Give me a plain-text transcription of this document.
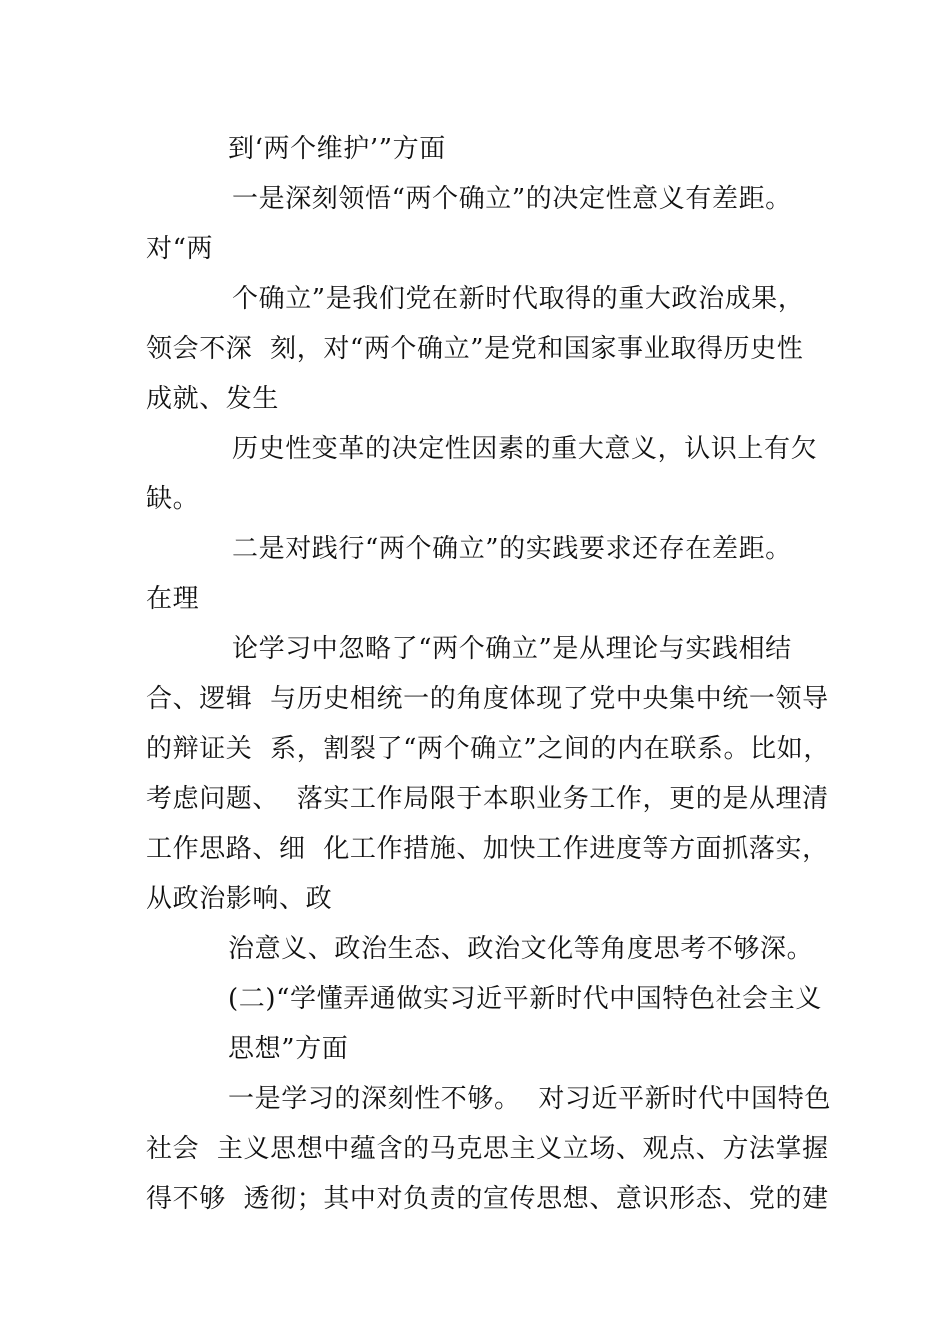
到‘两个维护’”方面
一是深刻领悟“两个确立”的决定性意义有差距。
对“两
个确立”是我们党在新时代取得的重大政治成果，
领会不深  刻，对“两个确立”是党和国家事业取得历史性
成就、发生
历史性变革的决定性因素的重大意义，认识上有欠
缺。
二是对践行“两个确立”的实践要求还存在差距。
在理
论学习中忽略了“两个确立”是从理论与实践相结
合、逻辑  与历史相统一的角度体现了党中央集中统一领导
的辩证关  系，割裂了“两个确立”之间的内在联系。比如，
考虑问题、  落实工作局限于本职业务工作，更的是从理清
工作思路、细  化工作措施、加快工作进度等方面抓落实，
从政治影响、政
治意义、政治生态、政治文化等角度思考不够深。
(二)“学懂弄通做实习近平新时代中国特色社会主义
思想”方面
一是学习的深刻性不够。  对习近平新时代中国特色
社会  主义思想中蕴含的马克思主义立场、观点、方法掌握
得不够  透彻；其中对负责的宣传思想、意识形态、党的建
